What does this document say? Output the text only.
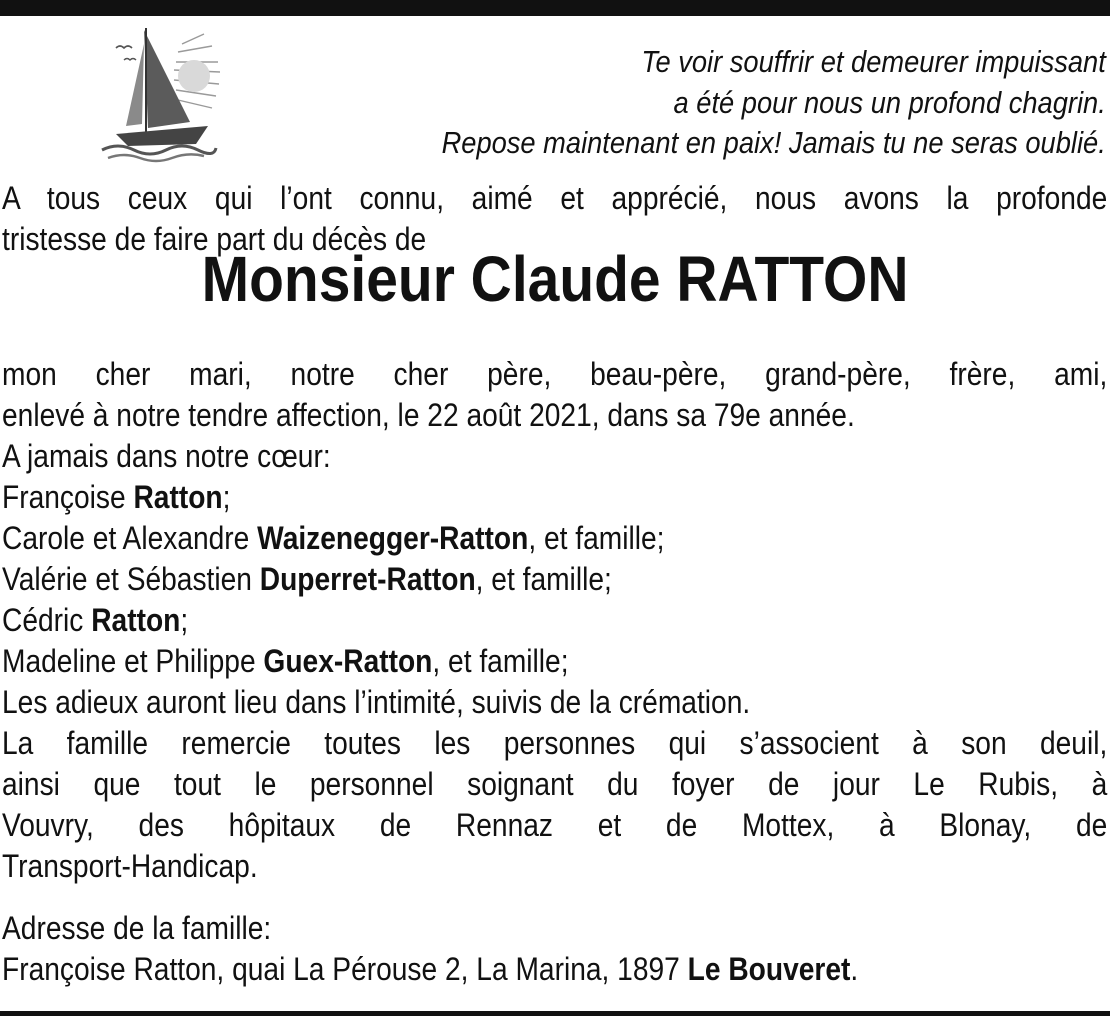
Te voir souffrir et demeurer impuissant
a été pour nous un profond chagrin.
Repose maintenant en paix! Jamais tu ne seras oublié.
A tous ceux qui l’ont connu, aimé et apprécié, nous avons la profonde
tristesse de faire part du décès de
Monsieur Claude RATTON
mon cher mari, notre cher père, beau-père, grand-père, frère, ami,
enlevé à notre tendre affection, le 22 août 2021, dans sa 79e année.
A jamais dans notre cœur:
Françoise Ratton;
Carole et Alexandre Waizenegger-Ratton, et famille;
Valérie et Sébastien Duperret-Ratton, et famille;
Cédric Ratton;
Madeline et Philippe Guex-Ratton, et famille;
Les adieux auront lieu dans l’intimité, suivis de la crémation.
La famille remercie toutes les personnes qui s’associent à son deuil,
ainsi que tout le personnel soignant du foyer de jour Le Rubis, à
Vouvry, des hôpitaux de Rennaz et de Mottex, à Blonay, de
Transport-Handicap.
Adresse de la famille:
Françoise Ratton, quai La Pérouse 2, La Marina, 1897 Le Bouveret.
